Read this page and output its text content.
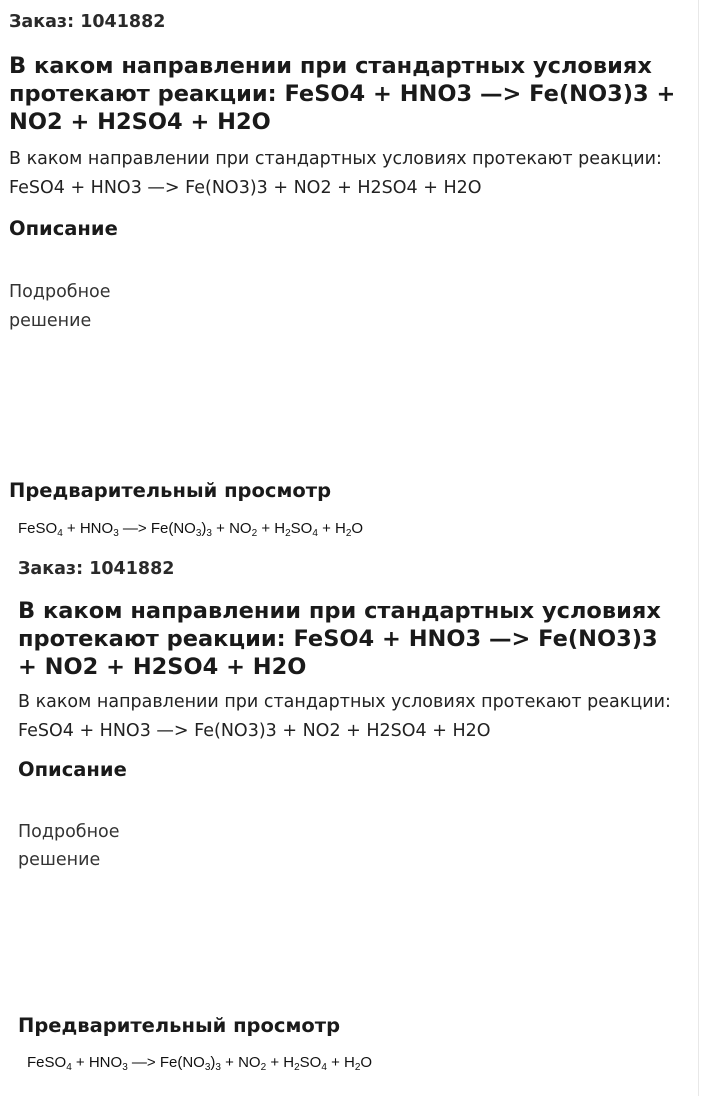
Заказ: 1041882
В каком направлении при стандартных условиях протекают реакции: FeSO4 + HNO3 —> Fe(NO3)3 + NO2 + H2SO4 + H2O

В каком направлении при стандартных условиях протекают реакции: FeSO4 + HNO3 —> Fe(NO3)3 + NO2 + H2SO4 + H2O

Описание

Подробное

решение

Предварительный просмотр
FeSO$_4$ + $HNO_3$ —> $Fe(NO_3)_3 + NO_2 + H_2SO_4 + H_2O$
Заказ: 1041882
В каком направлении при стандартных условиях протекают реакции: FeSO4 + HNO3 —> Fe(NO3)3 + NO2 + H2SO4 + H2O

В каком направлении при стандартных условиях протекают реакции: FeSO4 + HNO3 —> Fe(NO3)3 + NO2 + H2SO4 + H2O

Описание

Подробное

решение

Предварительный просмотр
FeSO$_4$ + $HNO_3$ —> $Fe(NO_3)_3 + NO_2 + H_2SO_4 + H_2O$
